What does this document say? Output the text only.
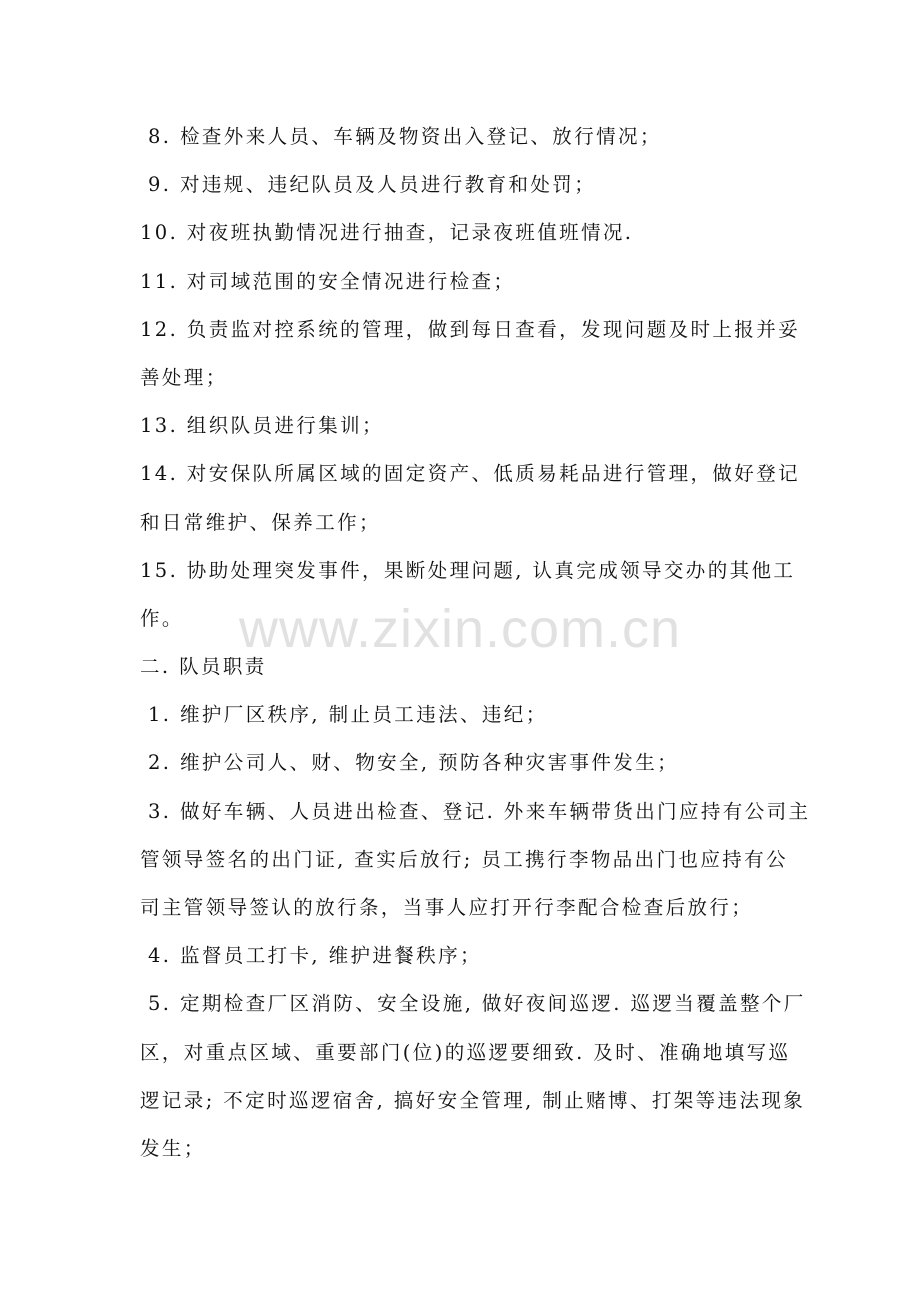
8. 检查外来人员、车辆及物资出入登记、放行情况；
9. 对违规、违纪队员及人员进行教育和处罚；
10. 对夜班执勤情况进行抽查，记录夜班值班情况.
11. 对司域范围的安全情况进行检查；
12. 负责监对控系统的管理，做到每日查看，发现问题及时上报并妥
善处理；
13. 组织队员进行集训；
14. 对安保队所属区域的固定资产、低质易耗品进行管理，做好登记
和日常维护、保养工作；
15. 协助处理突发事件，果断处理问题, 认真完成领导交办的其他工
作。
二. 队员职责
1. 维护厂区秩序, 制止员工违法、违纪；
2. 维护公司人、财、物安全, 预防各种灾害事件发生；
3. 做好车辆、人员进出检查、登记. 外来车辆带货出门应持有公司主
管领导签名的出门证, 查实后放行; 员工携行李物品出门也应持有公
司主管领导签认的放行条，当事人应打开行李配合检查后放行；
4. 监督员工打卡, 维护进餐秩序；
5. 定期检查厂区消防、安全设施, 做好夜间巡逻. 巡逻当覆盖整个厂
区，对重点区域、重要部门(位)的巡逻要细致. 及时、准确地填写巡
逻记录; 不定时巡逻宿舍, 搞好安全管理, 制止赌博、打架等违法现象
发生；
www.zixin.com.cn
